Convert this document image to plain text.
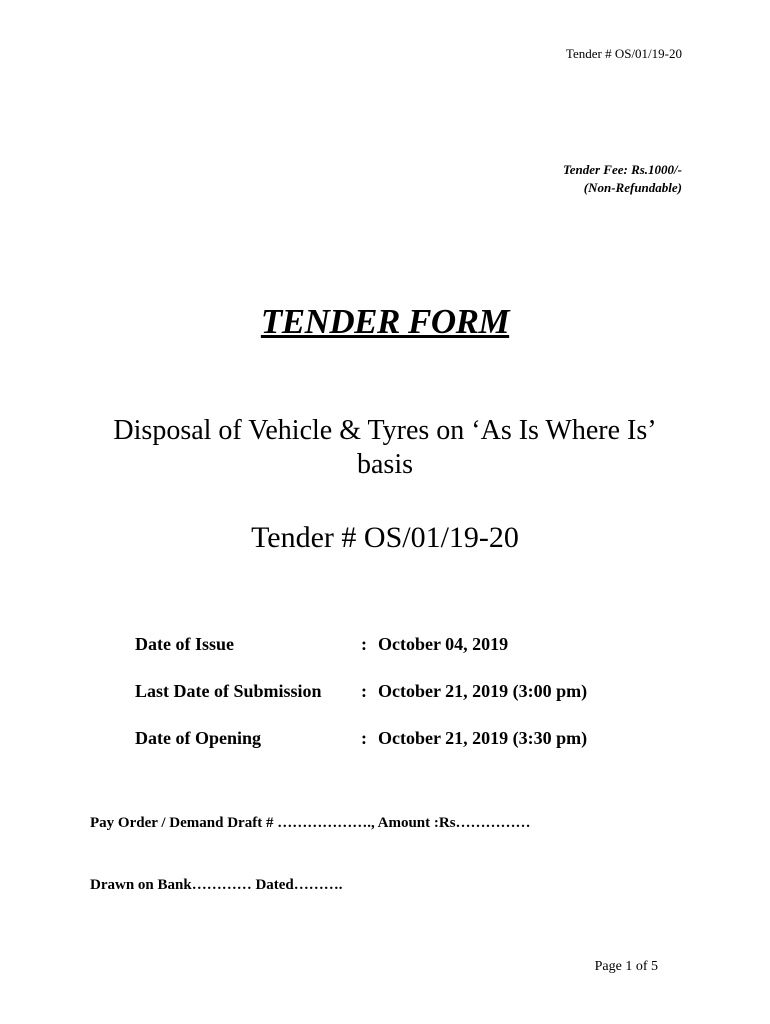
Tender # OS/01/19-20
Tender Fee: Rs.1000/-
(Non-Refundable)
TENDER FORM
Disposal of Vehicle & Tyres on ‘As Is Where Is’ basis
Tender # OS/01/19-20
Date of Issue	: October 04, 2019
Last Date of Submission	: October 21, 2019 (3:00 pm)
Date of Opening	: October 21, 2019 (3:30 pm)
Pay Order / Demand Draft # ………………., Amount :Rs……………
Drawn on Bank………… Dated……….
Page 1 of 5
